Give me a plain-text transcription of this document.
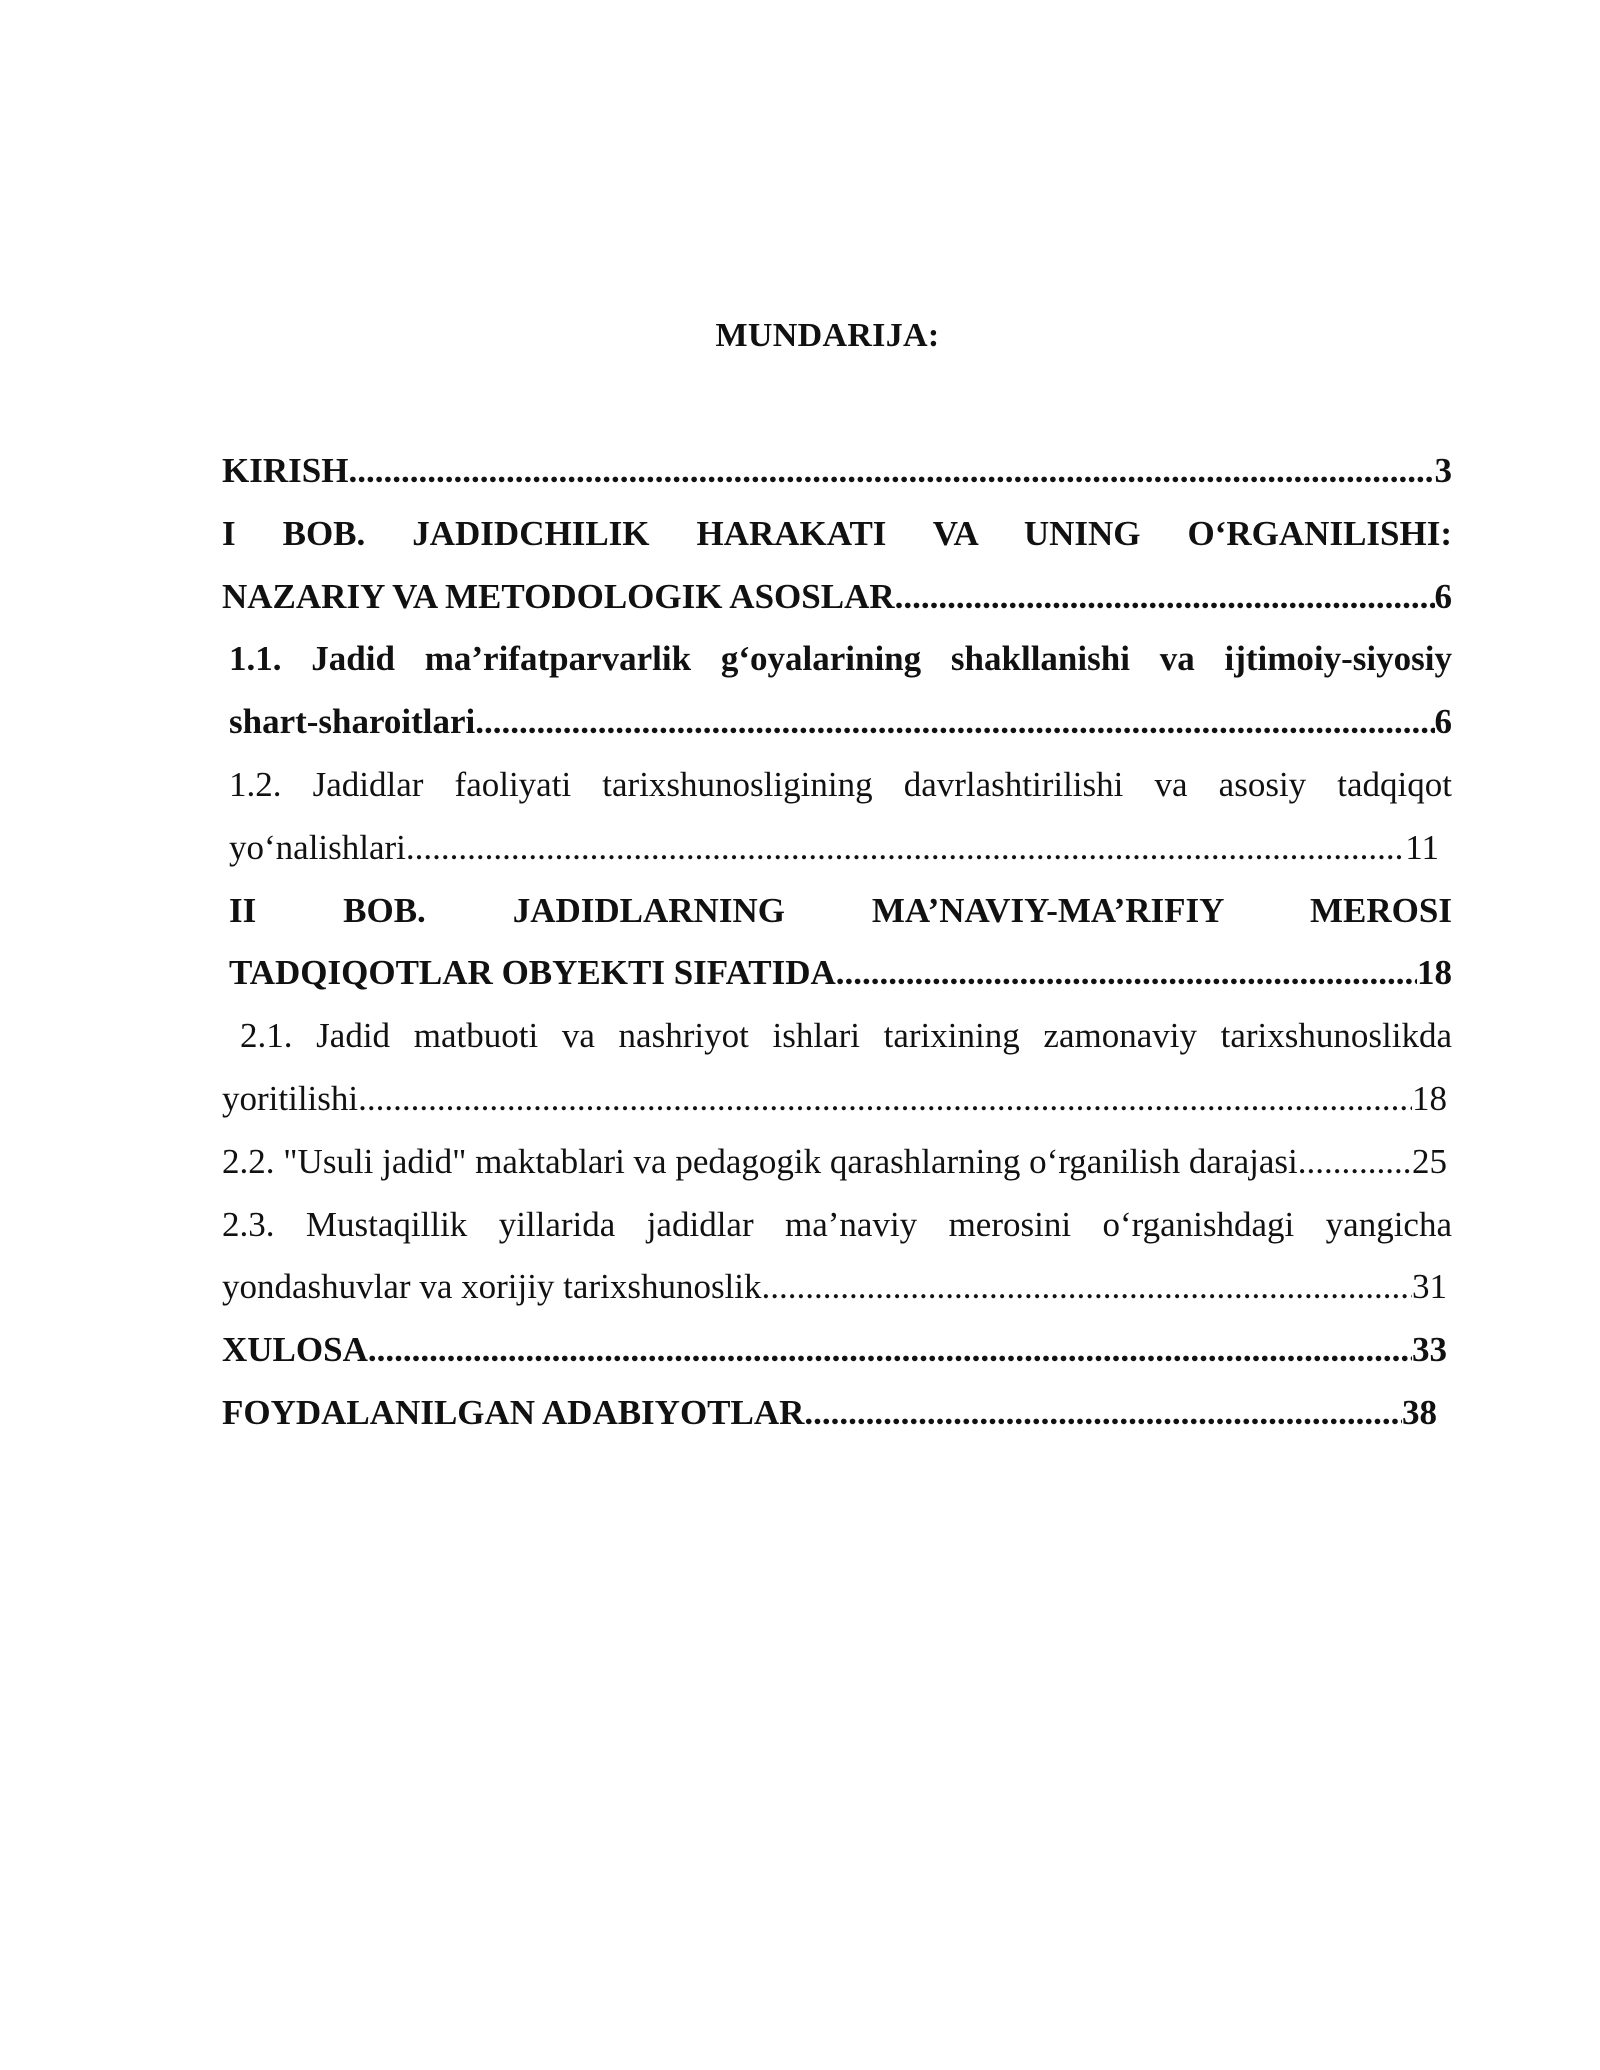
MUNDARIJA:
KIRISH .....	3
I BOB. JADIDCHILIK HARAKATI VA UNING O‘RGANILISHI:
NAZARIY VA METODOLOGIK ASOSLAR .....	6
1.1. Jadid ma’rifatparvarlik g‘oyalarining shakllanishi va ijtimoiy-siyosiy
shart-sharoitlari .....	6
1.2. Jadidlar faoliyati tarixshunosligining davrlashtirilishi va asosiy tadqiqot
yo‘nalishlari .....	11
II BOB. JADIDLARNING MA’NAVIY-MA’RIFIY MEROSI
TADQIQOTLAR OBYEKTI SIFATIDA .....	18
2.1. Jadid matbuoti va nashriyot ishlari tarixining zamonaviy tarixshunoslikda
yoritilishi .....	18
2.2. "Usuli jadid" maktablari va pedagogik qarashlarning o‘rganilish darajasi .....	25
2.3. Mustaqillik yillarida jadidlar ma’naviy merosini o‘rganishdagi yangicha
yondashuvlar va xorijiy tarixshunoslik .....	31
XULOSA .....	33
FOYDALANILGAN ADABIYOTLAR .....	38
